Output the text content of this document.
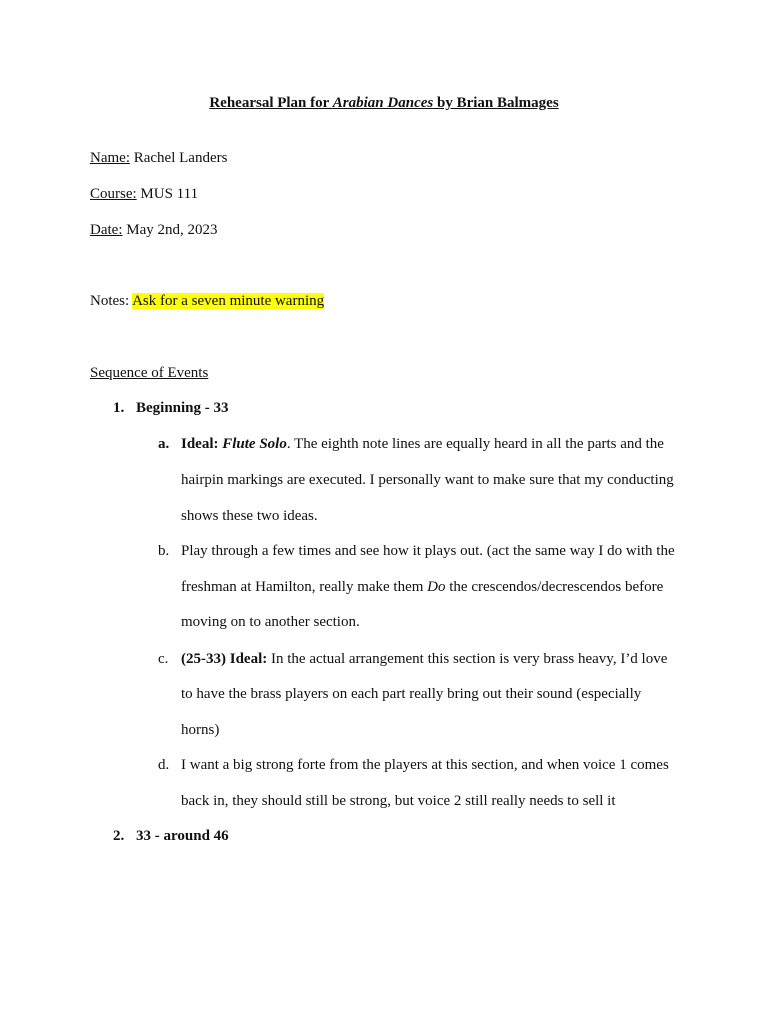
Rehearsal Plan for Arabian Dances by Brian Balmages
Name: Rachel Landers
Course: MUS 111
Date: May 2nd, 2023
Notes: Ask for a seven minute warning
Sequence of Events
1. Beginning - 33
a. Ideal: Flute Solo. The eighth note lines are equally heard in all the parts and the
hairpin markings are executed. I personally want to make sure that my conducting
shows these two ideas.
b. Play through a few times and see how it plays out. (act the same way I do with the
freshman at Hamilton, really make them Do the crescendos/decrescendos before
moving on to another section.
c. (25-33) Ideal: In the actual arrangement this section is very brass heavy, I’d love
to have the brass players on each part really bring out their sound (especially
horns)
d. I want a big strong forte from the players at this section, and when voice 1 comes
back in, they should still be strong, but voice 2 still really needs to sell it
2. 33 - around 46
